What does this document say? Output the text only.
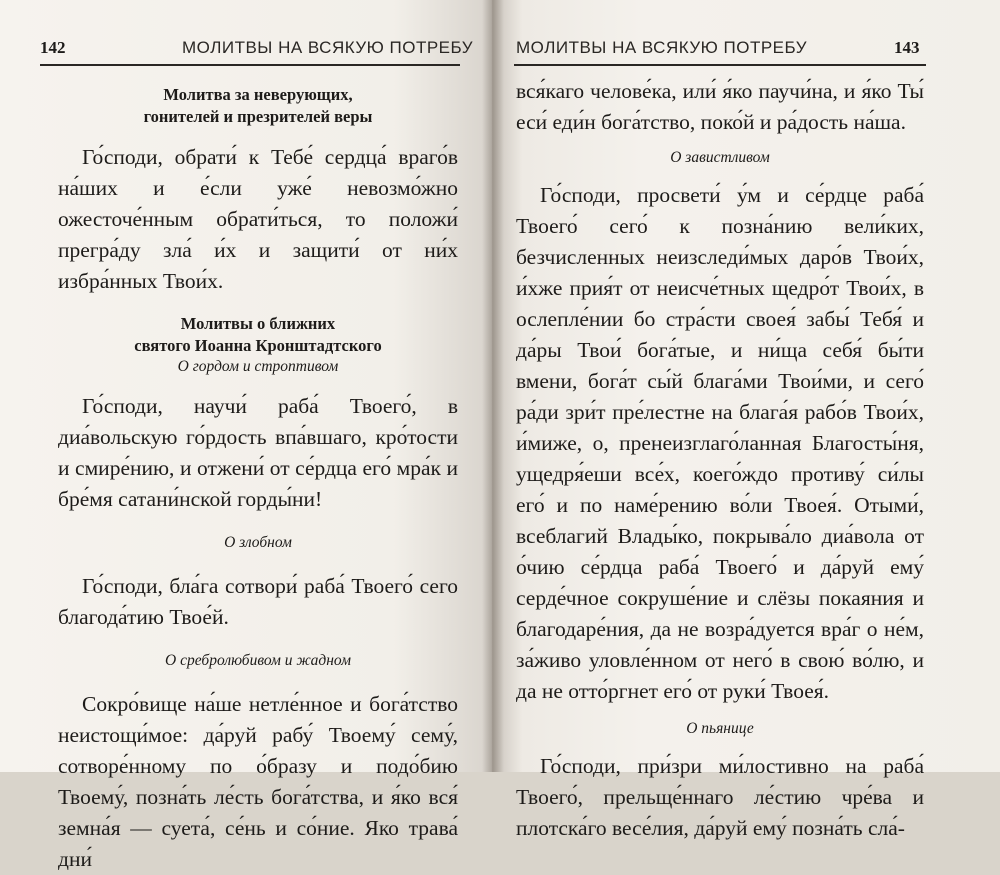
142	МОЛИТВЫ НА ВСЯКУЮ ПОТРЕБУ

Молитва за неверующих,

гонителей и презрителей веры

Го́споди, обрати́ к Тебе́ сердца́ враго́в на́ших и е́сли уже́ невозмо́жно ожесточе́нным обрати́ться, то положи́ прегра́ду зла́ и́х и защити́ от ни́х избра́нных Твои́х.

Молитвы о ближних

святого Иоанна Кронштадтского

О гордом и строптивом

Го́споди, научи́ раба́ Твоего́, в диа́вольскую го́рдость впа́вшаго, кро́тости и смире́нию, и отжени́ от се́рдца его́ мра́к и бре́мя сатани́нской горды́ни!

О злобном

Го́споди, бла́га сотвори́ раба́ Твоего́ сего благода́тию Твое́й.

О сребролюбивом и жадном

Сокро́вище на́ше нетле́нное и бога́тство неистощи́мое: да́руй рабу́ Твоему́ сему́, сотворе́нному по о́бразу и подо́бию Твоему́, позна́ть ле́сть бога́тства, и я́ко вся́ земна́я — суета́, се́нь и со́ние. Яко трава́ дни́

МОЛИТВЫ НА ВСЯКУЮ ПОТРЕБУ	143

вся́каго челове́ка, или́ я́ко паучи́на, и я́ко Ты́ еси́ еди́н бога́тство, поко́й и ра́дость на́ша.

О завистливом

Го́споди, просвети́ у́м и се́рдце раба́ Твоего́ сего́ к позна́нию вели́ких, безчисленных неизследи́мых даро́в Твои́х, и́хже прия́т от неисче́тных щедро́т Твои́х, в ослепле́нии бо стра́сти своея́ забы́ Тебя́ и да́ры Твои́ бога́тые, и ни́ща себя́ бы́ти вмени, бога́т сы́й блага́ми Твои́ми, и сего́ ра́ди зри́т пре́лестне на блага́я рабо́в Твои́х, и́миже, о, пренеизглаго́ланная Благосты́ня, ущедря́еши все́х, коего́ждо противу́ си́лы его́ и по наме́рению во́ли Твоея́. Отыми́, всеблагий Влады́ко, покрыва́ло диа́вола от о́чию се́рдца раба́ Твоего́ и да́руй ему́ серде́чное сокруше́ние и слёзы покаяния и благодаре́ния, да не возра́дуется вра́г о не́м, за́живо уловле́нном от него́ в свою́ во́лю, и да не отто́ргнет его́ от руки́ Твоея́.

О пьянице

Го́споди, при́зри ми́лостивно на раба́ Твоего́, прельще́ннаго ле́стию чре́ва и плотска́го весе́лия, да́руй ему́ позна́ть сла́-
